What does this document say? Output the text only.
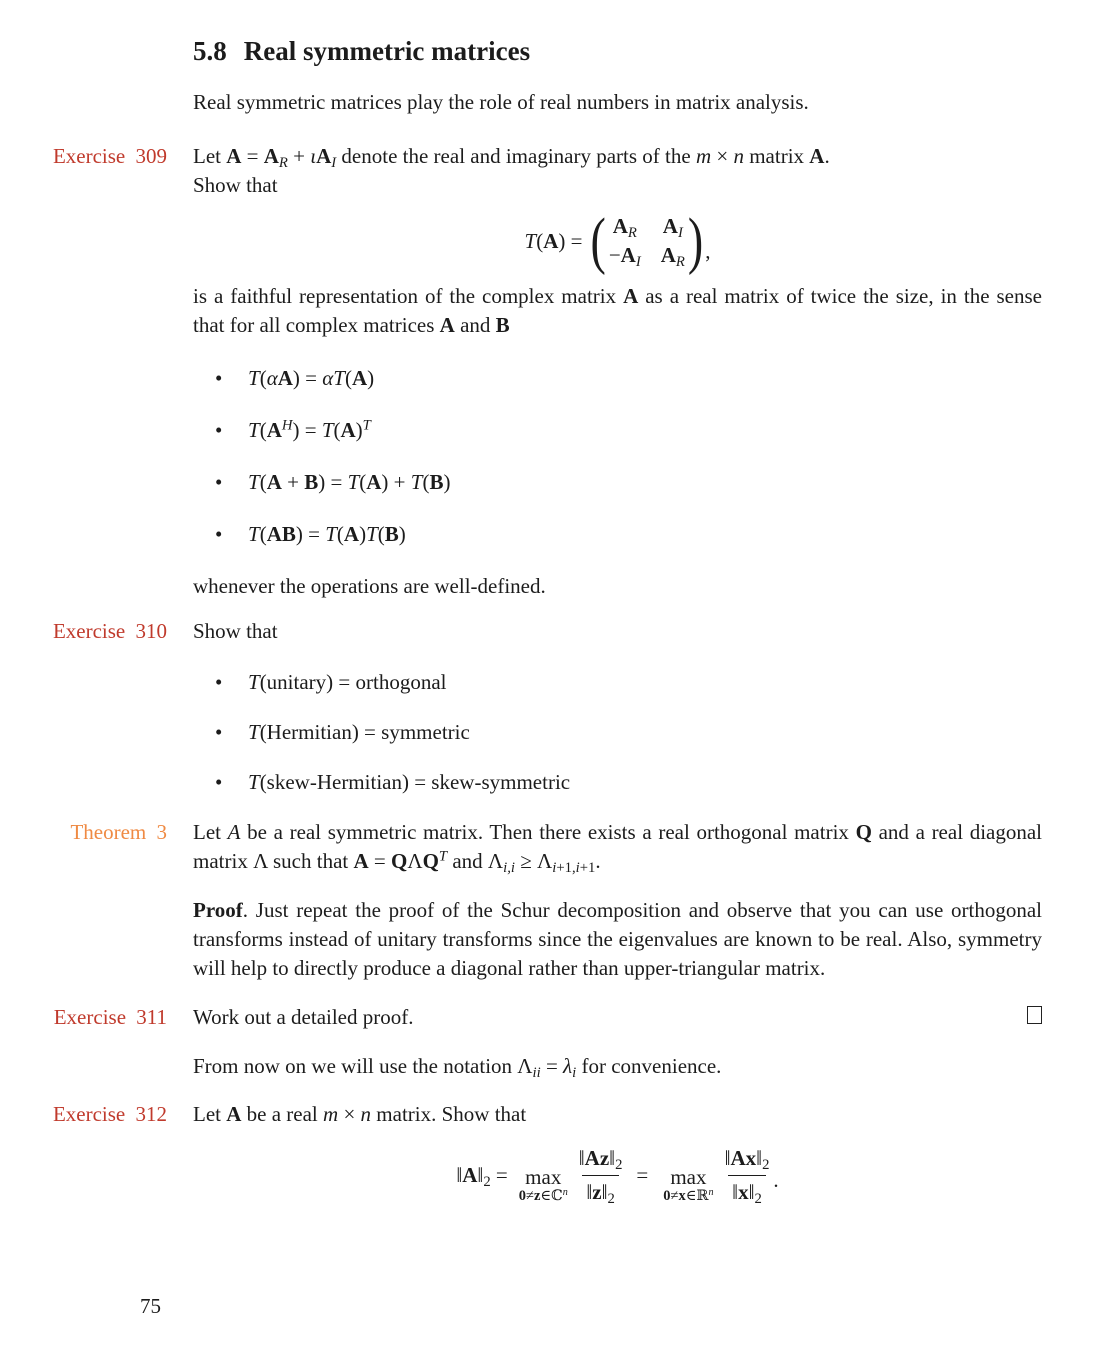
5.8 Real symmetric matrices
Real symmetric matrices play the role of real numbers in matrix analysis.
Exercise 309 Let $A = A_R + \iota A_I$ denote the real and imaginary parts of the m × n matrix A.
Show that
T(A) = ( $A_R$ $A_I$
$-A_I$ $A_R$ ) ,
is a faithful representation of the complex matrix A as a real matrix of twice the size, in the sense that for all complex matrices A and B
•	T(αA) = αT(A)
•	$T(A^H) = T(A)^T$
•	T(A + B) = T(A) + T(B)
•	T(AB) = T(A)T(B)
whenever the operations are well-defined.
Exercise 310 Show that
•	T(unitary) = orthogonal
•	T(Hermitian) = symmetric
•	T(skew-Hermitian) = skew-symmetric
Theorem 3 Let A be a real symmetric matrix. Then there exists a real orthogonal matrix Q and a real diagonal matrix Λ such that $A = Q\Lambda Q^T$ and $\Lambda_{i,i} \ge \Lambda_{i+1,i+1}$.
Proof. Just repeat the proof of the Schur decomposition and observe that you can use orthogonal transforms instead of unitary transforms since the eigenvalues are known to be real. Also, symmetry will help to directly produce a diagonal rather than upper-triangular matrix.
Exercise 311 Work out a detailed proof.
From now on we will use the notation $\Lambda_{ii} = \lambda_i$ for convenience.
Exercise 312 Let A be a real m × n matrix. Show that
$‖A‖_2 = \max$
0≠z∈ℂ$^n$ $\frac{‖Az‖_2}{‖z‖_2} = \max$
0≠x∈ℝ$^n$ $\frac{‖Ax‖_2}{‖x‖_2}$ .
75
